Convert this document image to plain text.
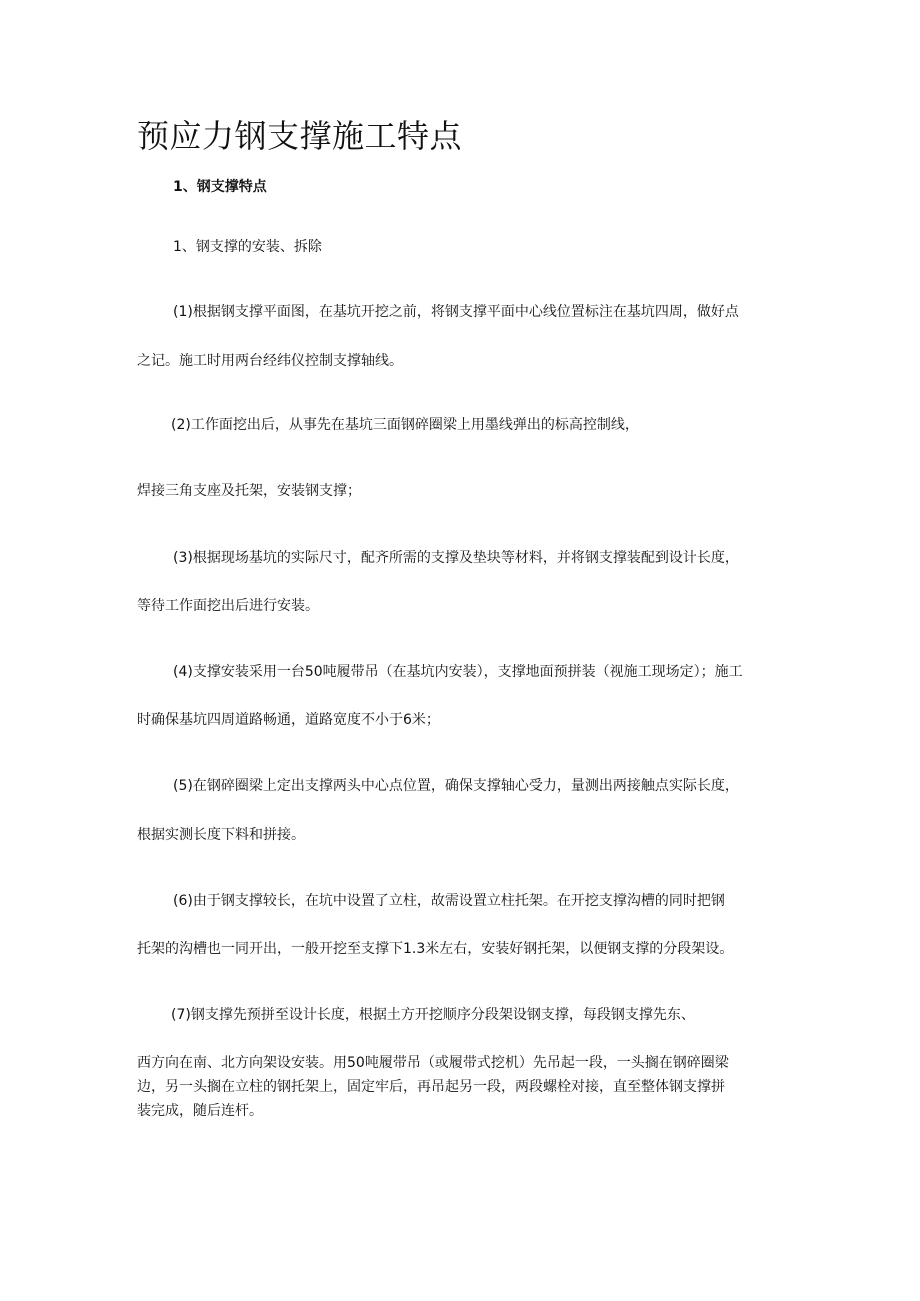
预应力钢支撑施工特点
1、钢支撑特点
1、钢支撑的安装、拆除
(1)根据钢支撑平面图，在基坑开挖之前，将钢支撑平面中心线位置标注在基坑四周，做好点
之记。施工时用两台经纬仪控制支撑轴线。
(2)工作面挖出后，从事先在基坑三面钢碎圈梁上用墨线弹出的标高控制线，
焊接三角支座及托架，安装钢支撑；
(3)根据现场基坑的实际尺寸，配齐所需的支撑及垫块等材料，并将钢支撑装配到设计长度，
等待工作面挖出后进行安装。
(4)支撑安装采用一台50吨履带吊（在基坑内安装），支撑地面预拼装（视施工现场定）；施工
时确保基坑四周道路畅通，道路宽度不小于6米；
(5)在钢碎圈梁上定出支撑两头中心点位置，确保支撑轴心受力，量测出两接触点实际长度，
根据实测长度下料和拼接。
(6)由于钢支撑较长，在坑中设置了立柱，故需设置立柱托架。在开挖支撑沟槽的同时把钢
托架的沟槽也一同开出，一般开挖至支撑下1.3米左右，安装好钢托架，以便钢支撑的分段架设。
(7)钢支撑先预拼至设计长度，根据土方开挖顺序分段架设钢支撑，每段钢支撑先东、
西方向在南、北方向架设安装。用50吨履带吊（或履带式挖机）先吊起一段，一头搁在钢碎圈梁
边，另一头搁在立柱的钢托架上，固定牢后，再吊起另一段，两段螺栓对接，直至整体钢支撑拼
装完成，随后连杆。
